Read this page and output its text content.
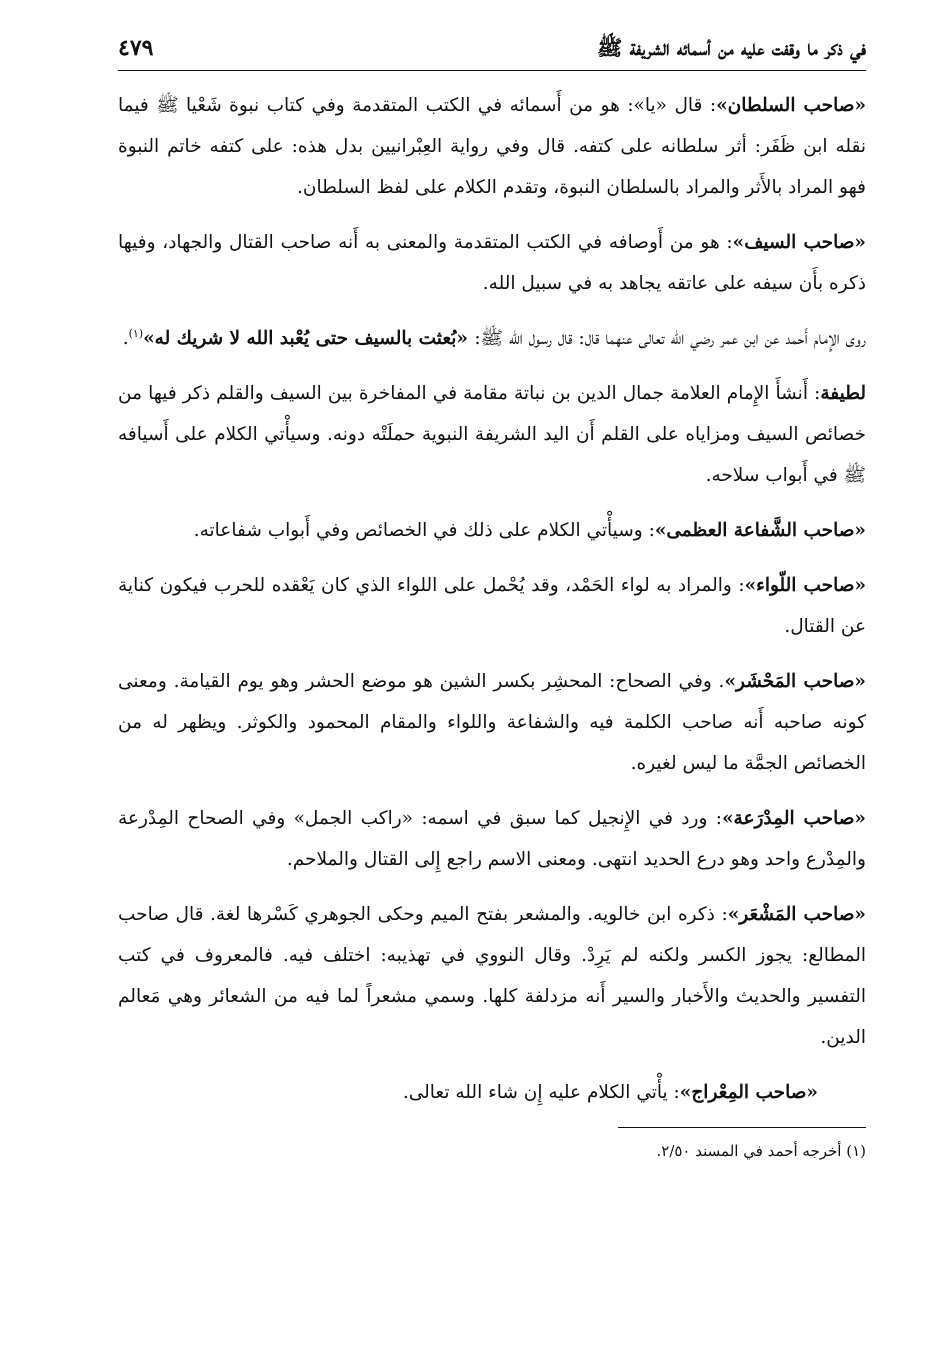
في ذكر ما وقفت عليه من أسمائه الشريفة ﷺ
٤٧٩

«صاحب السلطان»: قال «يا»: هو من أَسمائه في الكتب المتقدمة وفي كتاب نبوة شَعْيا ﷺ فيما نقله ابن ظَفَر: أثر سلطانه على كتفه. قال وفي رواية العِبْرانيين بدل هذه: على كتفه خاتم النبوة فهو المراد بالأَثر والمراد بالسلطان النبوة، وتقدم الكلام على لفظ السلطان.

«صاحب السيف»: هو من أَوصافه في الكتب المتقدمة والمعنى به أَنه صاحب القتال والجهاد، وفيها ذكره بأَن سيفه على عاتقه يجاهد به في سبيل الله.

روى الإِمام أَحمد عن ابن عمر رضي الله تعالى عنهما قال: قال رسول الله ﷺ: «بُعثت بالسيف حتى يُعْبد الله لا شريك له»$^{(١)}$.

لطيفة: أَنشأَ الإِمام العلامة جمال الدين بن نباتة مقامة في المفاخرة بين السيف والقلم ذكر فيها من خصائص السيف ومزاياه على القلم أَن اليد الشريفة النبوية حملَتْه دونه. وسيأْتي الكلام على أَسيافه ﷺ في أَبواب سلاحه.

«صاحب الشَّفاعة العظمى»: وسيأْتي الكلام على ذلك في الخصائص وفي أَبواب شفاعاته.

«صاحب اللّواء»: والمراد به لواء الحَمْد، وقد يُحْمل على اللواء الذي كان يَعْقده للحرب فيكون كناية عن القتال.

«صاحب المَحْشَر». وفي الصحاح: المحشِر بكسر الشين هو موضع الحشر وهو يوم القيامة. ومعنى كونه صاحبه أَنه صاحب الكلمة فيه والشفاعة واللواء والمقام المحمود والكوثر. ويظهر له من الخصائص الجمَّة ما ليس لغيره.

«صاحب المِدْرَعة»: ورد في الإِنجيل كما سبق في اسمه: «راكب الجمل» وفي الصحاح المِدْرعة والمِدْرع واحد وهو درع الحديد انتهى. ومعنى الاسم راجع إِلى القتال والملاحم.

«صاحب المَشْعَر»: ذكره ابن خالويه. والمشعر بفتح الميم وحكى الجوهري كَسْرها لغة. قال صاحب المطالع: يجوز الكسر ولكنه لم يَرِدْ. وقال النووي في تهذيبه: اختلف فيه. فالمعروف في كتب التفسير والحديث والأَخبار والسير أَنه مزدلفة كلها. وسمي مشعراً لما فيه من الشعائر وهي مَعالم الدين.

«صاحب المِعْراج»: يأْتي الكلام عليه إِن شاء الله تعالى.

(١) أخرجه أحمد في المسند ٢/٥٠.
